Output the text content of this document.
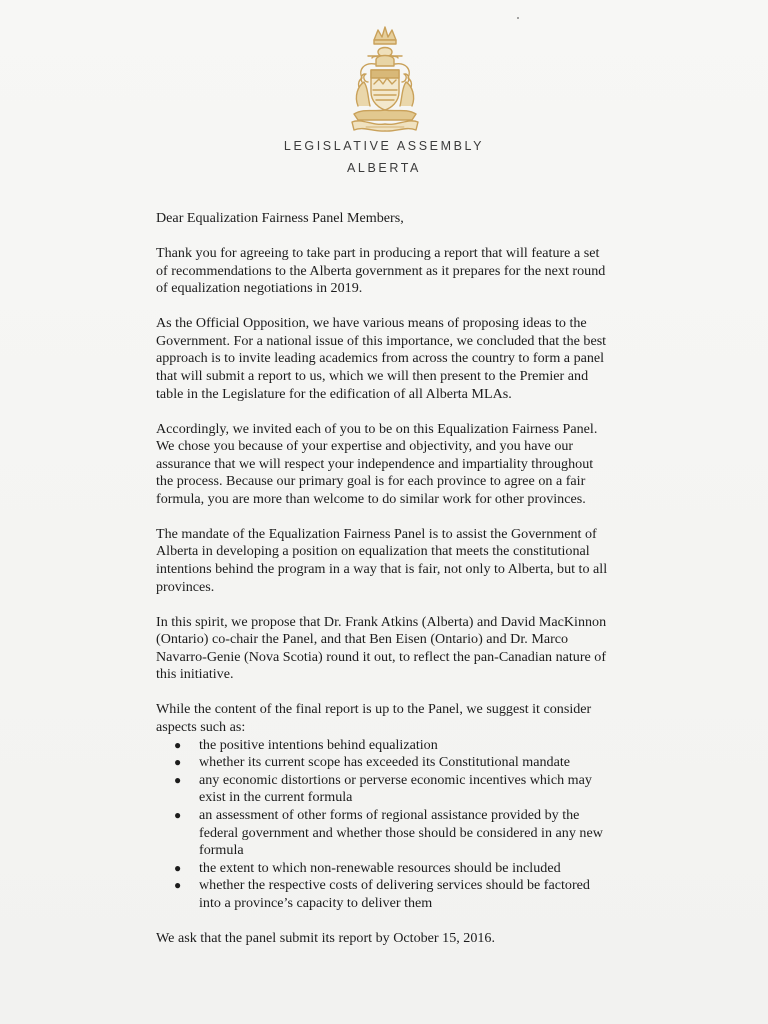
LEGISLATIVE ASSEMBLY
ALBERTA

Dear Equalization Fairness Panel Members,

Thank you for agreeing to take part in producing a report that will feature a set of recommendations to the Alberta government as it prepares for the next round of equalization negotiations in 2019.

As the Official Opposition, we have various means of proposing ideas to the Government. For a national issue of this importance, we concluded that the best approach is to invite leading academics from across the country to form a panel that will submit a report to us, which we will then present to the Premier and table in the Legislature for the edification of all Alberta MLAs.

Accordingly, we invited each of you to be on this Equalization Fairness Panel. We chose you because of your expertise and objectivity, and you have our assurance that we will respect your independence and impartiality throughout the process. Because our primary goal is for each province to agree on a fair formula, you are more than welcome to do similar work for other provinces.

The mandate of the Equalization Fairness Panel is to assist the Government of Alberta in developing a position on equalization that meets the constitutional intentions behind the program in a way that is fair, not only to Alberta, but to all provinces.

In this spirit, we propose that Dr. Frank Atkins (Alberta) and David MacKinnon (Ontario) co-chair the Panel, and that Ben Eisen (Ontario) and Dr. Marco Navarro-Genie (Nova Scotia) round it out, to reflect the pan-Canadian nature of this initiative.

While the content of the final report is up to the Panel, we suggest it consider aspects such as:

● the positive intentions behind equalization
● whether its current scope has exceeded its Constitutional mandate
● any economic distortions or perverse economic incentives which may exist in the current formula
● an assessment of other forms of regional assistance provided by the federal government and whether those should be considered in any new formula
● the extent to which non-renewable resources should be included
● whether the respective costs of delivering services should be factored into a province’s capacity to deliver them

We ask that the panel submit its report by October 15, 2016.
